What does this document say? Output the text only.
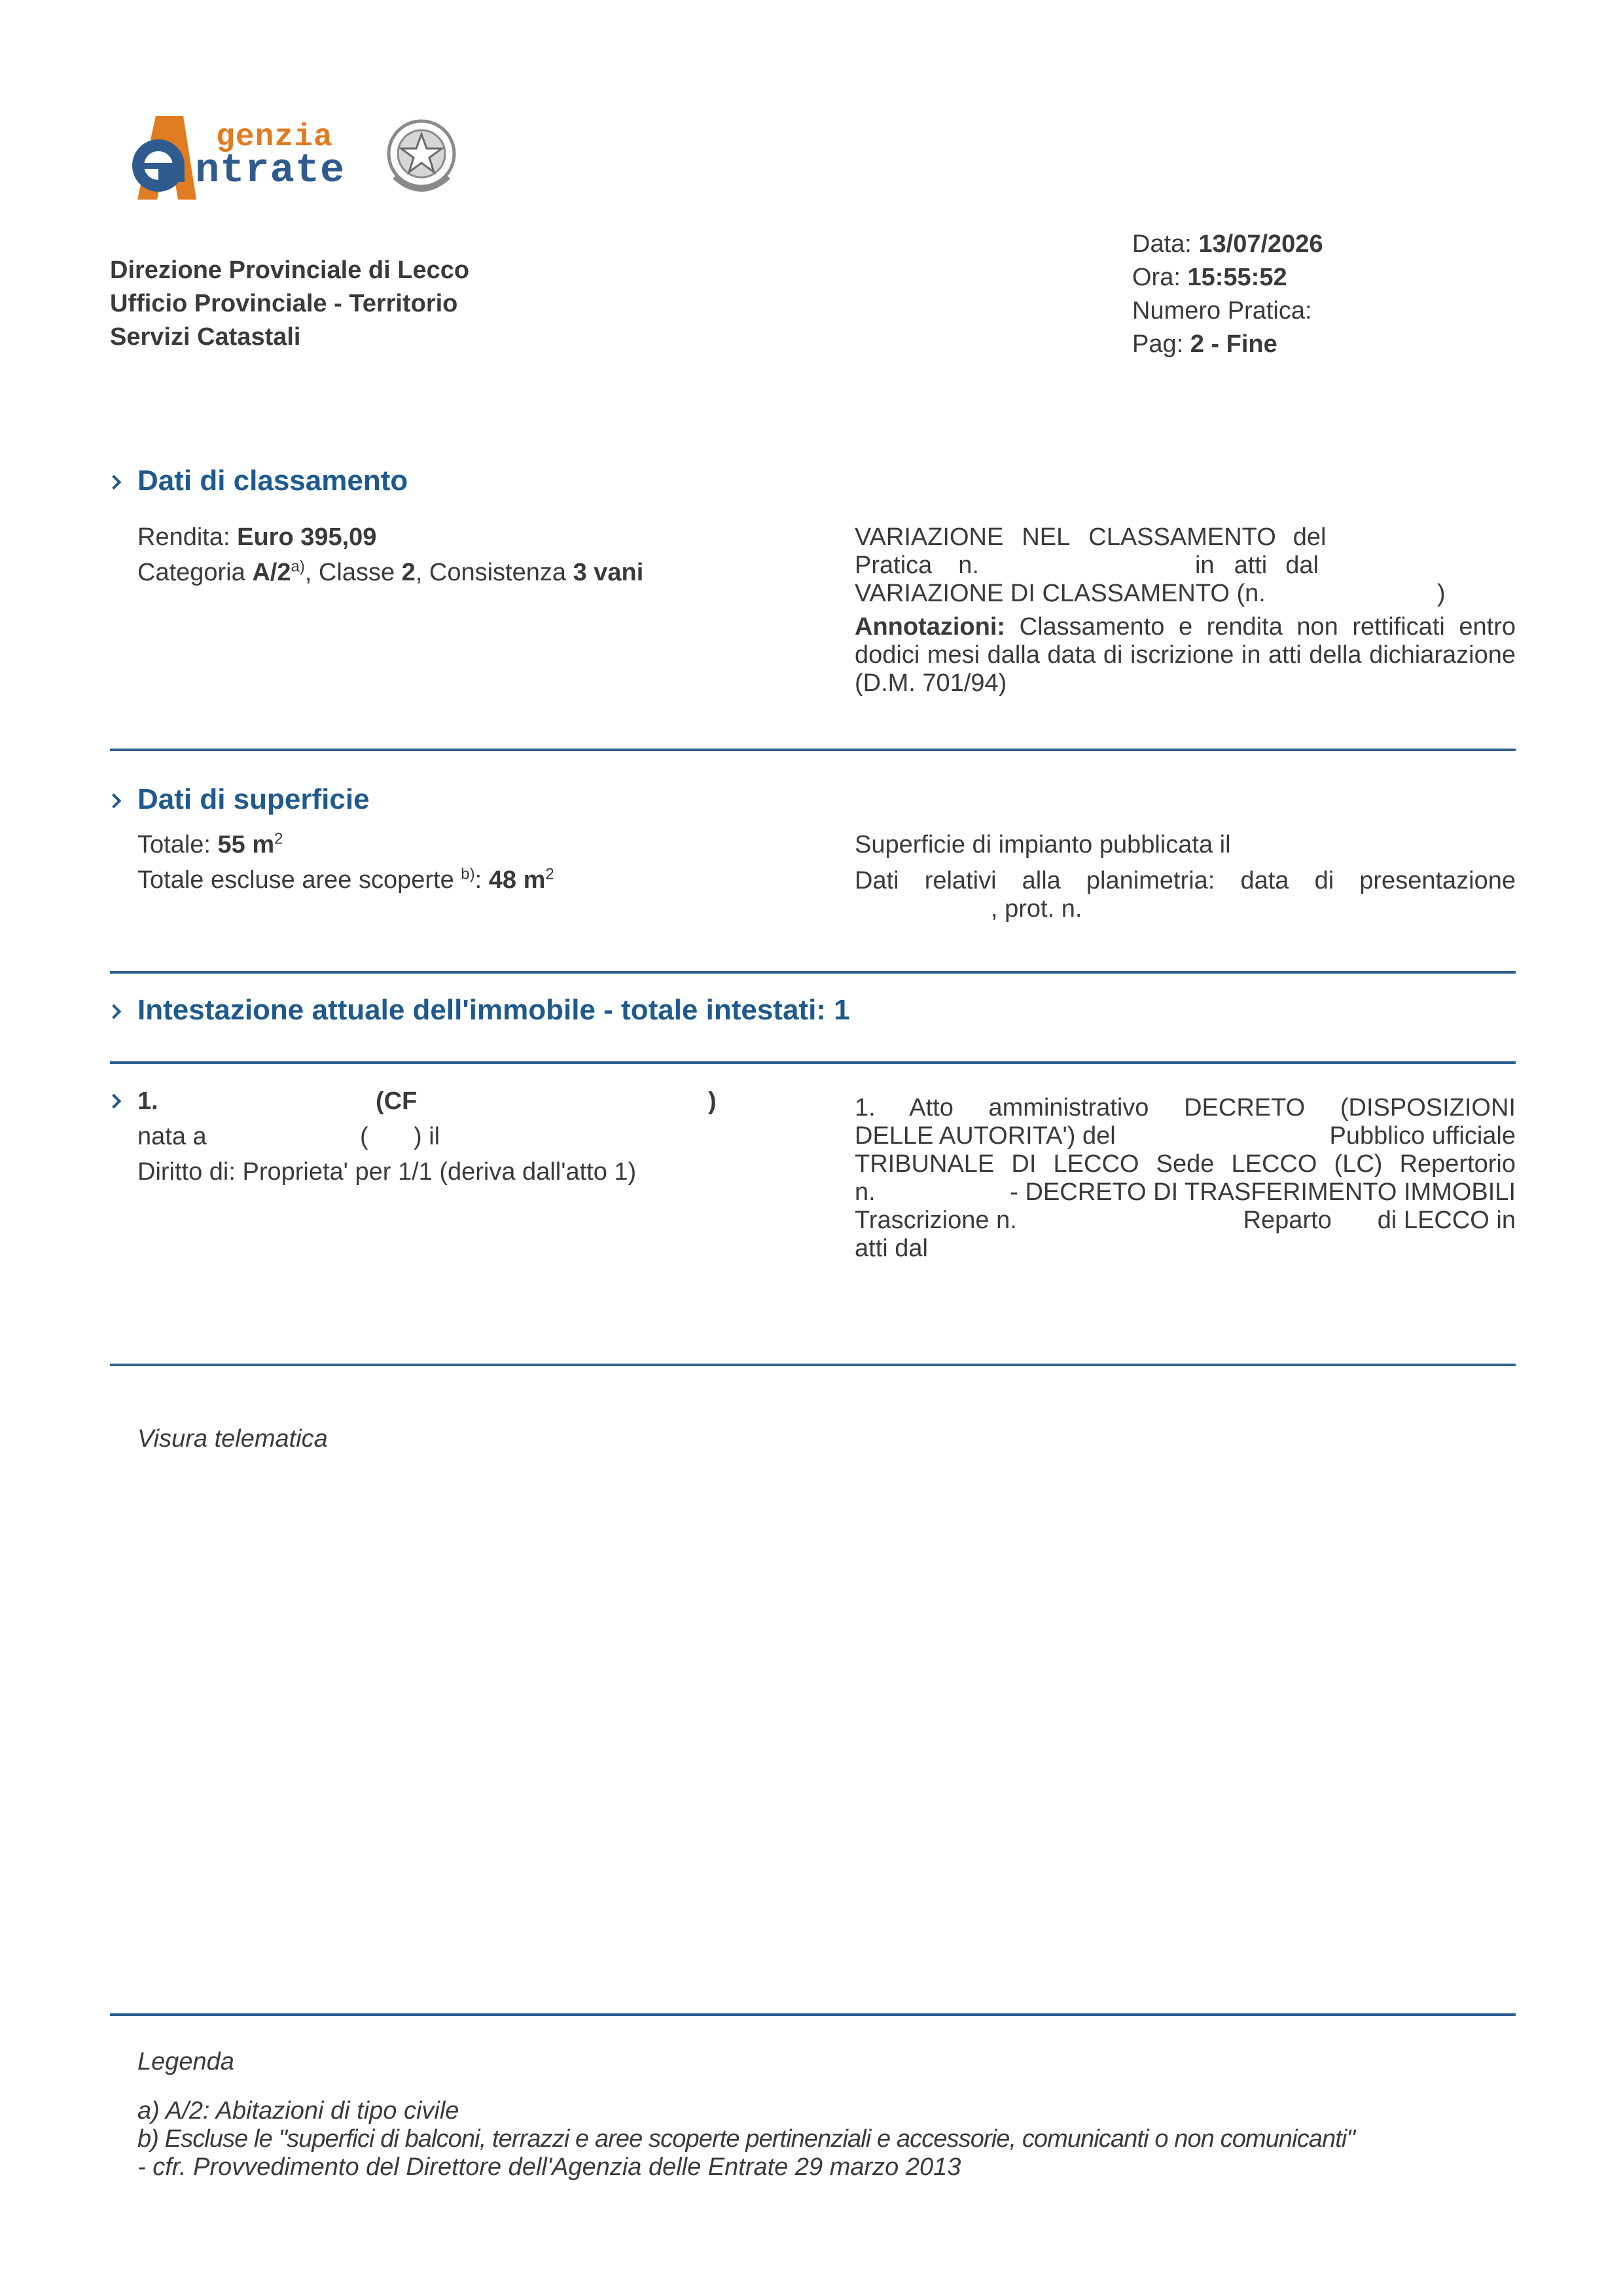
genzia
ntrate
Direzione Provinciale di Lecco
Ufficio Provinciale - Territorio
Servizi Catastali
Data: 13/07/2026
Ora: 15:55:52
Numero Pratica:
Pag: 2 - Fine
Dati di classamento
Rendita: Euro 395,09
Categoria A/2$^{a)}$, Classe 2, Consistenza 3 vani
VARIAZIONE NEL CLASSAMENTO del
Pratica n.	in atti dal
VARIAZIONE DI CLASSAMENTO (n.	)

Annotazioni: Classamento e rendita non rettificati entro dodici mesi dalla data di iscrizione in atti della dichiarazione (D.M. 701/94)

Dati di superficie
Totale: 55 $m^2$
Totale escluse aree scoperte $^{b)}$: 48 $m^2$
Superficie di impianto pubblicata il
Dati relativi alla planimetria: data di presentazione
, prot. n.
Intestazione attuale dell'immobile - totale intestati: 1
1.	(CF	)
nata a	( ) il
Diritto di: Proprieta' per 1/1 (deriva dall'atto 1)
1. Atto amministrativo DECRETO (DISPOSIZIONI
DELLE AUTORITA') del	Pubblico ufficiale
TRIBUNALE DI LECCO Sede LECCO (LC) Repertorio
n.	- DECRETO DI TRASFERIMENTO IMMOBILI
Trascrizione n.	Reparto di LECCO in
atti dal
Visura telematica
Legenda
a) A/2: Abitazioni di tipo civile
b) Escluse le "superfici di balconi, terrazzi e aree scoperte pertinenziali e accessorie, comunicanti o non comunicanti"
- cfr. Provvedimento del Direttore dell'Agenzia delle Entrate 29 marzo 2013
